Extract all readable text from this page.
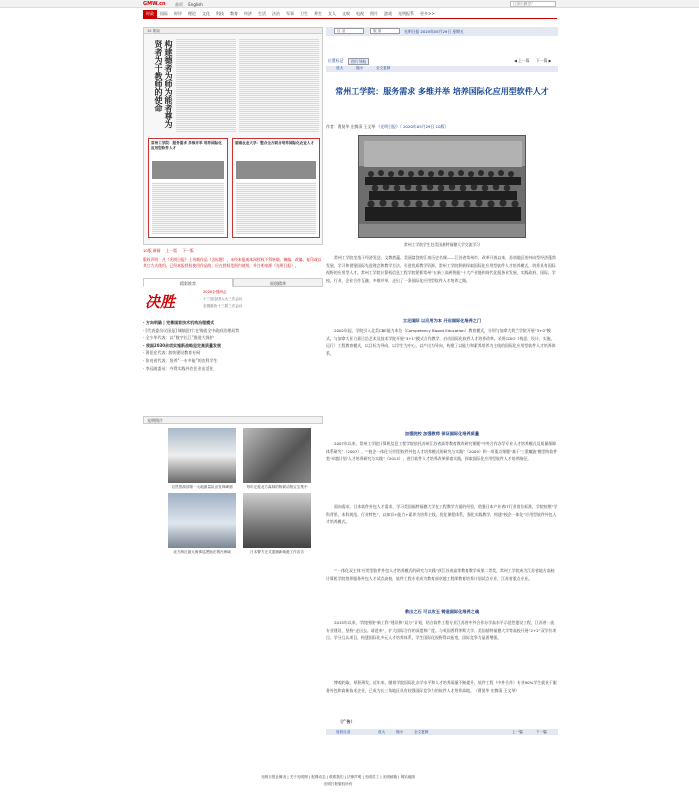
GMW.cn 首页 English	往那出瞭望？
时政 国际 时评 理论 文化 科技 教育 经济 生活 法治 军事 卫生 养生 女人 文娱 电视 图片 游戏 光明报系 更多>>
10 要闻
构建德者为师为能者尊为贤者为干教师的使命
常州工学院：服务需求 多维并举 培养国际化应用型软件人才
湖南农业大学：整合全方联合培养国际化农业人才
10版 新闻 上一版 下一版
版权声明：凡《光明日报》上刊载作品（含标题），未经本报或本网授权不得转载、摘编、改编、复印或以其它方式使用。已经本报授权使用作品的，应在授权范围内使用，并注明来源《光明日报》。
精彩推荐	原创精华
决胜
2020全国两会
十三届全国人大三次会议
全国政协十三届三次会议

· 方向明确 | 完善国家技术机构治理模式

· [代表委员议国是] 城镇医疗:在铸就全中政府治理局势

· 全少华代表：以“数字长江”推进大保护

· 我国2030余项实施新战略坚定高质量发展

· 著佳宏代表: 加快建设教育专网

· 张亮省代表：培养“一专多能”的农科学生

· 李远陵委员：夺得实践外农任业出活化

光明图片
自然资源部第一大地测量队出发珠峰测	每年迁徙北方森林的物候动物宝宝集中
北方海区最大海事巡逻船在烟台海域	日本警方正式逮捕新崎港工作宣告
目 录	版 面	光明日报 2020年05月29日 星期五
位置标记	图片导航	◀ 上一篇 下一篇 ▶
放大	缩小	全文复制
常州工学院：服务需求 多维并举 培养国际化应用型软件人才
作者：曹贤华 庄腾清 王文琴 《光明日报》（ 2020年05月29日 10版）
常州工学院学生赴美国基特福德大学交流学习
常州工学院坐落于经济发达、文教底蕴、美丽富饶的江南历史名城——江苏省常州市，改革开放以来，苏南地区的外向型经济蓬勃发展，学习和借鉴国际先进理念和教学方法，引进优质教学资源，常州工学院积极探索国际化应用型软件人才培养模式，培养具有国际视野的应用型人才。常州工学院计算机信息工程学院紧抓常州“五新三高两智能”十大产业链和现代化服务业发展，实践政府、国际、学校、行业、企业合作互融，多维并举，走出了一条国际化应用型软件人才培养之路。
立足国际 以应用为本 开启国际化培养之门
2002年起，学院引入北美CBE能力本位（Competency Based Education）教育模式，分别与加拿大荷兰学院开展“3+0”模式、与加拿大亚力嘉日沿艺术及技术学院开展“3+1”模式合作教学，启动国际化软件人才培养改革。采用CDIO（构思、设计、实施、运行）工程教育模式，以目标为导向，以学生为中心，以产出为导向，构建了以能力和素养培养为主线的国际化应用型软件人才培养体系。
加强院校 加强教师 保证国际化培养质量
2007年以来，常州工学院计算机信息工程学院依托苏州江苏省高等教育教改研究课题“中外合作办学专业人才培养模式及质量保障体系研究”（2007）、“‘校企一体化’应用型软件外包人才培养模式的研究与实践”（2009）和一项重点课题“基于‘三重螺旋’模型的软件类‘卓越计划’人才培养研究与实践”（2013），进行软件人才培养改革探索实践，探索国际化应用型软件人才培养路径。
面向需求，日本软件外包人才需求，学习美国福特福德大学在工程教学方面的经验，借鉴日本产业省IT行业岗位标准，学院按照“学科背景、本科规范、行业特色”，以知识+能力+素养为培养主线，优化课程体系，强化实践教学，构建“校企一体化”应用型软件外包人才培养模式。
“‘一体化双主体’应用型软件外包人才培养模式的研究与实践”获江苏省高等教育教学成果二等奖，常州工学院成为江苏省地方高校计算机学院培养服务外包人才试点高校，软件工程专业成为教育部卓越工程师教育培养计划试点专业、江苏省重点专业。
教出之石 可以攻玉 铸造国际化培养之魂
2015年以来，学院围绕“新工科”建设和“双万”计划，结合软件工程专业江苏省中外合作办学高水平示范性建设工程，江苏省一流专业建设，坚持“走出去、请进来”，扩大国际合作的深度和广度。与英国普利茅斯大学、美国基特福德大学等高校开展“2+2”双学位项目、学分互认项目，构建国际化多元人才培养体系，学生国际化视野得以拓宽，国际竞争力显著增强。
博观约取，厚积薄发。近年来，随着学院国际化办学水平和人才培养质量不断提升，软件工程（中外合作）专业90%学生就业于服务外包和高新技术企业，已成为长三角地区具有较强国际竞争力的软件人才培养高地。（曹贤华 庄腾清 王文琴）
（广告）
返回目录	放大	缩小	全文复制	上一篇	下一篇
光明日报社概况 | 关于光明网 | 报网动态 | 联系我们 | 法律声明 | 光明员工 | 光明邮箱 | 网站地图
光明日报版权所有
